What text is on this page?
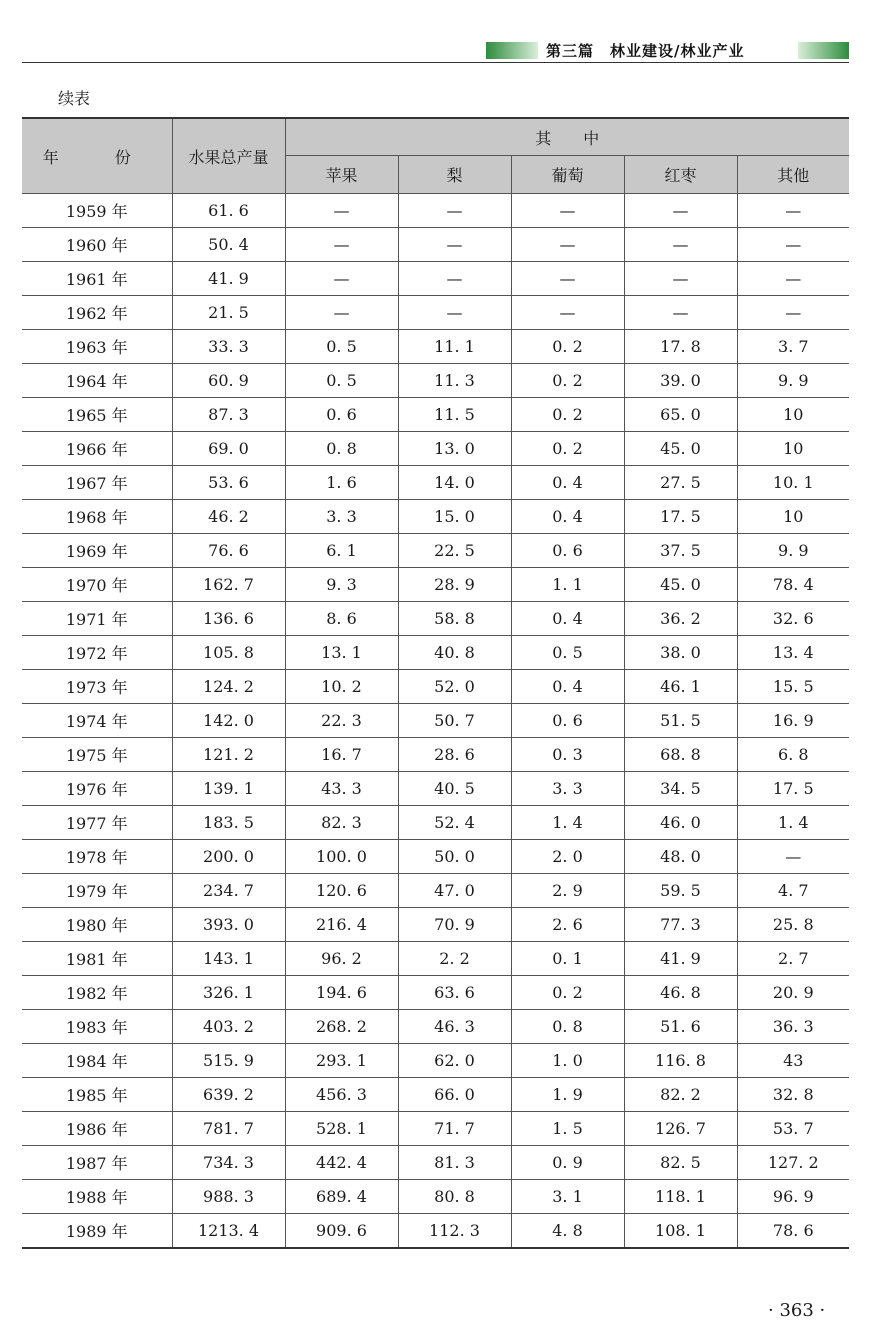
第三篇　林业建设/林业产业
续表
年　份	水果总产量	其　　中				
		苹果	梨	葡萄	红枣	其他
1959 年	61. 6	—	—	—	—	—
1960 年	50. 4	—	—	—	—	—
1961 年	41. 9	—	—	—	—	—
1962 年	21. 5	—	—	—	—	—
1963 年	33. 3	0. 5	11. 1	0. 2	17. 8	3. 7
1964 年	60. 9	0. 5	11. 3	0. 2	39. 0	9. 9
1965 年	87. 3	0. 6	11. 5	0. 2	65. 0	10
1966 年	69. 0	0. 8	13. 0	0. 2	45. 0	10
1967 年	53. 6	1. 6	14. 0	0. 4	27. 5	10. 1
1968 年	46. 2	3. 3	15. 0	0. 4	17. 5	10
1969 年	76. 6	6. 1	22. 5	0. 6	37. 5	9. 9
1970 年	162. 7	9. 3	28. 9	1. 1	45. 0	78. 4
1971 年	136. 6	8. 6	58. 8	0. 4	36. 2	32. 6
1972 年	105. 8	13. 1	40. 8	0. 5	38. 0	13. 4
1973 年	124. 2	10. 2	52. 0	0. 4	46. 1	15. 5
1974 年	142. 0	22. 3	50. 7	0. 6	51. 5	16. 9
1975 年	121. 2	16. 7	28. 6	0. 3	68. 8	6. 8
1976 年	139. 1	43. 3	40. 5	3. 3	34. 5	17. 5
1977 年	183. 5	82. 3	52. 4	1. 4	46. 0	1. 4
1978 年	200. 0	100. 0	50. 0	2. 0	48. 0	—
1979 年	234. 7	120. 6	47. 0	2. 9	59. 5	4. 7
1980 年	393. 0	216. 4	70. 9	2. 6	77. 3	25. 8
1981 年	143. 1	96. 2	2. 2	0. 1	41. 9	2. 7
1982 年	326. 1	194. 6	63. 6	0. 2	46. 8	20. 9
1983 年	403. 2	268. 2	46. 3	0. 8	51. 6	36. 3
1984 年	515. 9	293. 1	62. 0	1. 0	116. 8	43
1985 年	639. 2	456. 3	66. 0	1. 9	82. 2	32. 8
1986 年	781. 7	528. 1	71. 7	1. 5	126. 7	53. 7
1987 年	734. 3	442. 4	81. 3	0. 9	82. 5	127. 2
1988 年	988. 3	689. 4	80. 8	3. 1	118. 1	96. 9
1989 年	1213. 4	909. 6	112. 3	4. 8	108. 1	78. 6
· 363 ·
